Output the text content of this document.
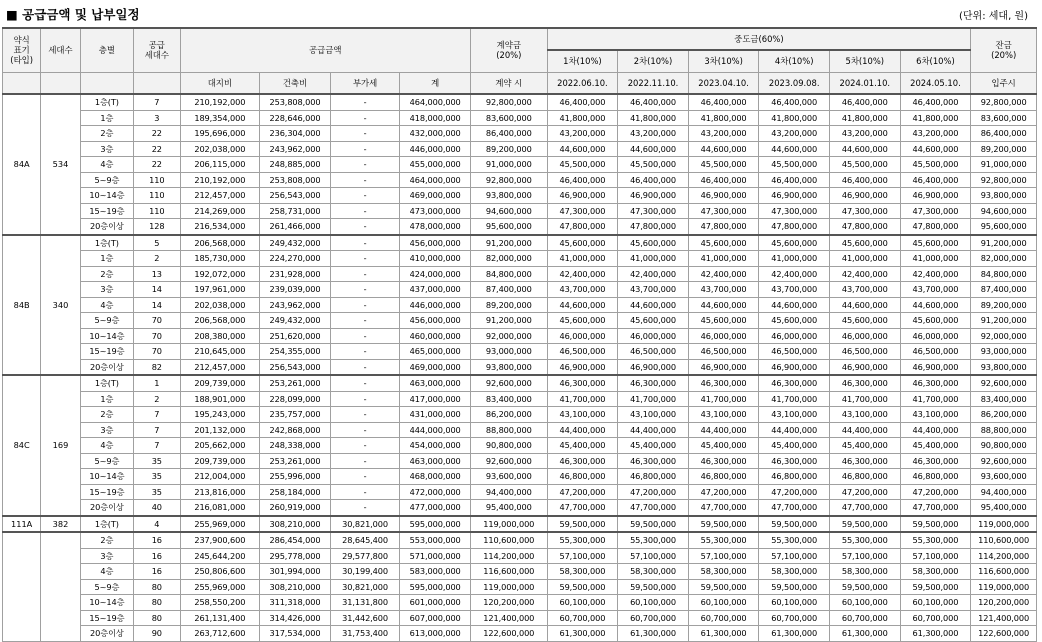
■ 공급금액 및 납부일정	(단위: 세대, 원)
약식
표기
(타입)	세대수	층별	공급
세대수	공급금액				계약금
(20%)	중도금(60%)						잔금
(20%)
									1차(10%)	2차(10%)	3차(10%)	4차(10%)	5차(10%)	6차(10%)	
				대지비	건축비	부가세	계	계약 시	2022.06.10.	2022.11.10.	2023.04.10.	2023.09.08.	2024.01.10.	2024.05.10.	입주시
84A	534	1층(T)	7	210,192,000	253,808,000	-	464,000,000	92,800,000	46,400,000	46,400,000	46,400,000	46,400,000	46,400,000	46,400,000	92,800,000
		1층	3	189,354,000	228,646,000	-	418,000,000	83,600,000	41,800,000	41,800,000	41,800,000	41,800,000	41,800,000	41,800,000	83,600,000
		2층	22	195,696,000	236,304,000	-	432,000,000	86,400,000	43,200,000	43,200,000	43,200,000	43,200,000	43,200,000	43,200,000	86,400,000
		3층	22	202,038,000	243,962,000	-	446,000,000	89,200,000	44,600,000	44,600,000	44,600,000	44,600,000	44,600,000	44,600,000	89,200,000
		4층	22	206,115,000	248,885,000	-	455,000,000	91,000,000	45,500,000	45,500,000	45,500,000	45,500,000	45,500,000	45,500,000	91,000,000
		5~9층	110	210,192,000	253,808,000	-	464,000,000	92,800,000	46,400,000	46,400,000	46,400,000	46,400,000	46,400,000	46,400,000	92,800,000
		10~14층	110	212,457,000	256,543,000	-	469,000,000	93,800,000	46,900,000	46,900,000	46,900,000	46,900,000	46,900,000	46,900,000	93,800,000
		15~19층	110	214,269,000	258,731,000	-	473,000,000	94,600,000	47,300,000	47,300,000	47,300,000	47,300,000	47,300,000	47,300,000	94,600,000
		20층이상	128	216,534,000	261,466,000	-	478,000,000	95,600,000	47,800,000	47,800,000	47,800,000	47,800,000	47,800,000	47,800,000	95,600,000
84B	340	1층(T)	5	206,568,000	249,432,000	-	456,000,000	91,200,000	45,600,000	45,600,000	45,600,000	45,600,000	45,600,000	45,600,000	91,200,000
		1층	2	185,730,000	224,270,000	-	410,000,000	82,000,000	41,000,000	41,000,000	41,000,000	41,000,000	41,000,000	41,000,000	82,000,000
		2층	13	192,072,000	231,928,000	-	424,000,000	84,800,000	42,400,000	42,400,000	42,400,000	42,400,000	42,400,000	42,400,000	84,800,000
		3층	14	197,961,000	239,039,000	-	437,000,000	87,400,000	43,700,000	43,700,000	43,700,000	43,700,000	43,700,000	43,700,000	87,400,000
		4층	14	202,038,000	243,962,000	-	446,000,000	89,200,000	44,600,000	44,600,000	44,600,000	44,600,000	44,600,000	44,600,000	89,200,000
		5~9층	70	206,568,000	249,432,000	-	456,000,000	91,200,000	45,600,000	45,600,000	45,600,000	45,600,000	45,600,000	45,600,000	91,200,000
		10~14층	70	208,380,000	251,620,000	-	460,000,000	92,000,000	46,000,000	46,000,000	46,000,000	46,000,000	46,000,000	46,000,000	92,000,000
		15~19층	70	210,645,000	254,355,000	-	465,000,000	93,000,000	46,500,000	46,500,000	46,500,000	46,500,000	46,500,000	46,500,000	93,000,000
		20층이상	82	212,457,000	256,543,000	-	469,000,000	93,800,000	46,900,000	46,900,000	46,900,000	46,900,000	46,900,000	46,900,000	93,800,000
84C	169	1층(T)	1	209,739,000	253,261,000	-	463,000,000	92,600,000	46,300,000	46,300,000	46,300,000	46,300,000	46,300,000	46,300,000	92,600,000
		1층	2	188,901,000	228,099,000	-	417,000,000	83,400,000	41,700,000	41,700,000	41,700,000	41,700,000	41,700,000	41,700,000	83,400,000
		2층	7	195,243,000	235,757,000	-	431,000,000	86,200,000	43,100,000	43,100,000	43,100,000	43,100,000	43,100,000	43,100,000	86,200,000
		3층	7	201,132,000	242,868,000	-	444,000,000	88,800,000	44,400,000	44,400,000	44,400,000	44,400,000	44,400,000	44,400,000	88,800,000
		4층	7	205,662,000	248,338,000	-	454,000,000	90,800,000	45,400,000	45,400,000	45,400,000	45,400,000	45,400,000	45,400,000	90,800,000
		5~9층	35	209,739,000	253,261,000	-	463,000,000	92,600,000	46,300,000	46,300,000	46,300,000	46,300,000	46,300,000	46,300,000	92,600,000
		10~14층	35	212,004,000	255,996,000	-	468,000,000	93,600,000	46,800,000	46,800,000	46,800,000	46,800,000	46,800,000	46,800,000	93,600,000
		15~19층	35	213,816,000	258,184,000	-	472,000,000	94,400,000	47,200,000	47,200,000	47,200,000	47,200,000	47,200,000	47,200,000	94,400,000
		20층이상	40	216,081,000	260,919,000	-	477,000,000	95,400,000	47,700,000	47,700,000	47,700,000	47,700,000	47,700,000	47,700,000	95,400,000
111A	382	1층(T)	4	255,969,000	308,210,000	30,821,000	595,000,000	119,000,000	59,500,000	59,500,000	59,500,000	59,500,000	59,500,000	59,500,000	119,000,000
		2층	16	237,900,600	286,454,000	28,645,400	553,000,000	110,600,000	55,300,000	55,300,000	55,300,000	55,300,000	55,300,000	55,300,000	110,600,000
		3층	16	245,644,200	295,778,000	29,577,800	571,000,000	114,200,000	57,100,000	57,100,000	57,100,000	57,100,000	57,100,000	57,100,000	114,200,000
		4층	16	250,806,600	301,994,000	30,199,400	583,000,000	116,600,000	58,300,000	58,300,000	58,300,000	58,300,000	58,300,000	58,300,000	116,600,000
		5~9층	80	255,969,000	308,210,000	30,821,000	595,000,000	119,000,000	59,500,000	59,500,000	59,500,000	59,500,000	59,500,000	59,500,000	119,000,000
		10~14층	80	258,550,200	311,318,000	31,131,800	601,000,000	120,200,000	60,100,000	60,100,000	60,100,000	60,100,000	60,100,000	60,100,000	120,200,000
		15~19층	80	261,131,400	314,426,000	31,442,600	607,000,000	121,400,000	60,700,000	60,700,000	60,700,000	60,700,000	60,700,000	60,700,000	121,400,000
		20층이상	90	263,712,600	317,534,000	31,753,400	613,000,000	122,600,000	61,300,000	61,300,000	61,300,000	61,300,000	61,300,000	61,300,000	122,600,000
